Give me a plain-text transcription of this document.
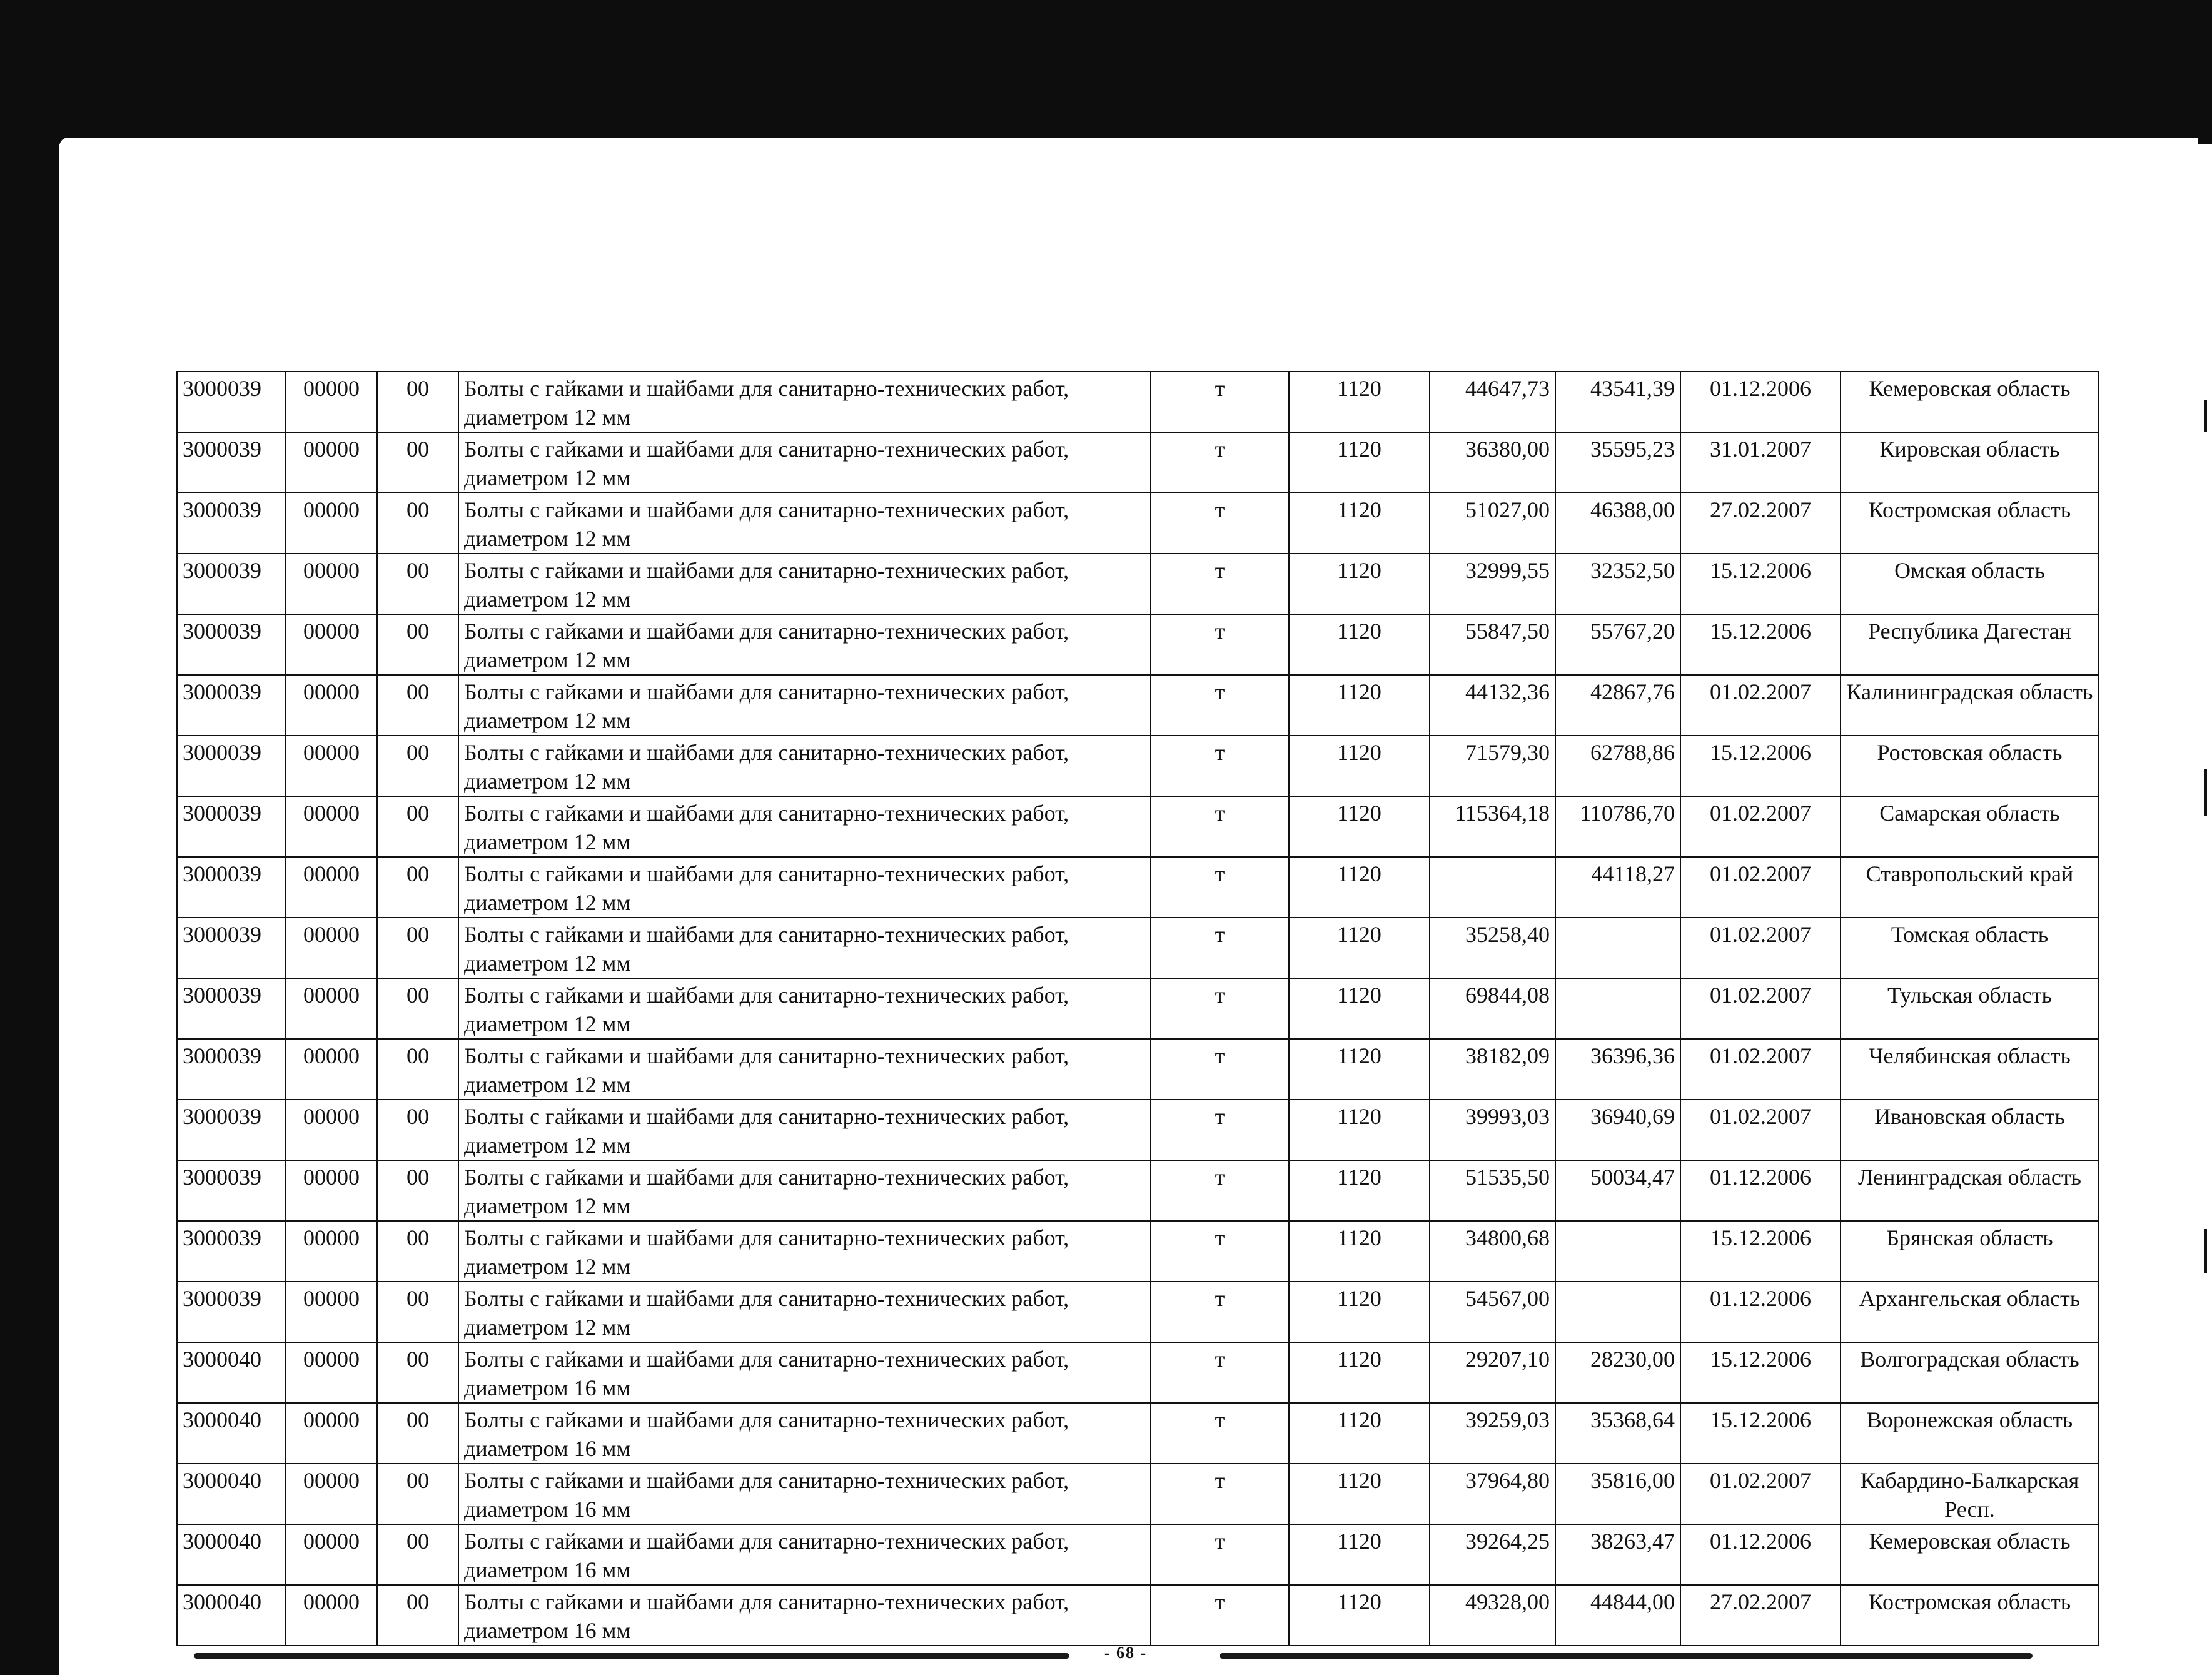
3000039	00000	00	Болты с гайками и шайбами для санитарно-технических работ, диаметром 12 мм	т	1120	44647,73	43541,39	01.12.2006	Кемеровская область
3000039	00000	00	Болты с гайками и шайбами для санитарно-технических работ, диаметром 12 мм	т	1120	36380,00	35595,23	31.01.2007	Кировская область
3000039	00000	00	Болты с гайками и шайбами для санитарно-технических работ, диаметром 12 мм	т	1120	51027,00	46388,00	27.02.2007	Костромская область
3000039	00000	00	Болты с гайками и шайбами для санитарно-технических работ, диаметром 12 мм	т	1120	32999,55	32352,50	15.12.2006	Омская область
3000039	00000	00	Болты с гайками и шайбами для санитарно-технических работ, диаметром 12 мм	т	1120	55847,50	55767,20	15.12.2006	Республика Дагестан
3000039	00000	00	Болты с гайками и шайбами для санитарно-технических работ, диаметром 12 мм	т	1120	44132,36	42867,76	01.02.2007	Калининградская область
3000039	00000	00	Болты с гайками и шайбами для санитарно-технических работ, диаметром 12 мм	т	1120	71579,30	62788,86	15.12.2006	Ростовская область
3000039	00000	00	Болты с гайками и шайбами для санитарно-технических работ, диаметром 12 мм	т	1120	115364,18	110786,70	01.02.2007	Самарская область
3000039	00000	00	Болты с гайками и шайбами для санитарно-технических работ, диаметром 12 мм	т	1120		44118,27	01.02.2007	Ставропольский край
3000039	00000	00	Болты с гайками и шайбами для санитарно-технических работ, диаметром 12 мм	т	1120	35258,40		01.02.2007	Томская область
3000039	00000	00	Болты с гайками и шайбами для санитарно-технических работ, диаметром 12 мм	т	1120	69844,08		01.02.2007	Тульская область
3000039	00000	00	Болты с гайками и шайбами для санитарно-технических работ, диаметром 12 мм	т	1120	38182,09	36396,36	01.02.2007	Челябинская область
3000039	00000	00	Болты с гайками и шайбами для санитарно-технических работ, диаметром 12 мм	т	1120	39993,03	36940,69	01.02.2007	Ивановская область
3000039	00000	00	Болты с гайками и шайбами для санитарно-технических работ, диаметром 12 мм	т	1120	51535,50	50034,47	01.12.2006	Ленинградская область
3000039	00000	00	Болты с гайками и шайбами для санитарно-технических работ, диаметром 12 мм	т	1120	34800,68		15.12.2006	Брянская область
3000039	00000	00	Болты с гайками и шайбами для санитарно-технических работ, диаметром 12 мм	т	1120	54567,00		01.12.2006	Архангельская область
3000040	00000	00	Болты с гайками и шайбами для санитарно-технических работ, диаметром 16 мм	т	1120	29207,10	28230,00	15.12.2006	Волгоградская область
3000040	00000	00	Болты с гайками и шайбами для санитарно-технических работ, диаметром 16 мм	т	1120	39259,03	35368,64	15.12.2006	Воронежская область
3000040	00000	00	Болты с гайками и шайбами для санитарно-технических работ, диаметром 16 мм	т	1120	37964,80	35816,00	01.02.2007	Кабардино-Балкарская Респ.
3000040	00000	00	Болты с гайками и шайбами для санитарно-технических работ, диаметром 16 мм	т	1120	39264,25	38263,47	01.12.2006	Кемеровская область
3000040	00000	00	Болты с гайками и шайбами для санитарно-технических работ, диаметром 16 мм	т	1120	49328,00	44844,00	27.02.2007	Костромская область
- 68 -
